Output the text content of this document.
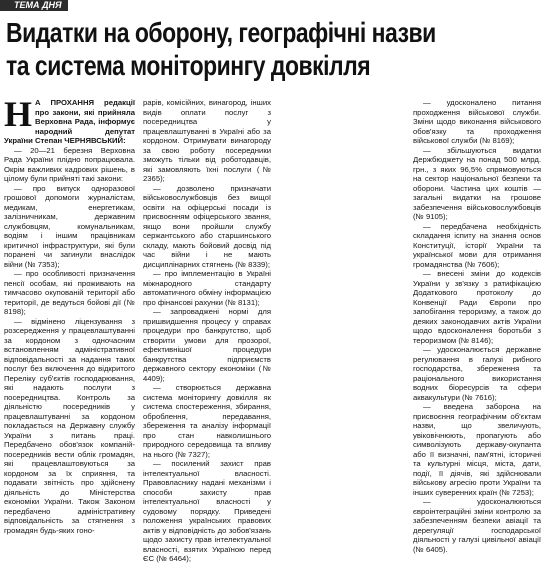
ТЕМА ДНЯ
Видатки на оборону, географічні назви
та система моніторингу довкілля

Н А ПРОХАННЯ редакції про закони, які прийняла Верховна Рада, інформує народний депутат України Степан ЧЕРНЯВСЬКИЙ:

— 20—21 березня Верховна Рада України плідно попрацювала. Окрім важливих кадрових рішень, в цілому були прийняті такі закони:

— про випуск одноразової грошової допомоги журналістам, медикам, енергетикам, залізничникам, державним службовцям, комунальникам, водіям і іншим працівникам критичної інфраструктури, які були поранені чи загинули внаслідок війни (№ 7353);

— про особливості призначення пенсії особам, які проживають на тимчасово окупованій території або території, де ведуться бойові дії (№ 8198);

— відмінено ліцензування з розсередження у працевлаштуванні за кордоном з одночасним встановленням адміністративної відповідальності за надання таких послуг без включення до відкритого Переліку суб'єктів господарювання, які надають послуги з посередництва. Контроль за діяльністю посередників у працевлаштуванні за кордоном покладається на Державну службу України з питань праці. Передбачено обов'язок компаній-посередників вести облік громадян, які працевлаштовуються за кордоном за їх сприяння, та подавати звітність про здійснену діяльність до Міністерства економіки України. Також Законом передбачено адміністративну відповідальність за стягнення з громадян будь-яких гоно-

рарів, комісійних, винагород, інших видів оплати послуг з посередництва у працевлаштуванні в Україні або за кордоном. Отримувати винагороду за свою роботу посередники зможуть тільки від роботодавців, які замовляють їхні послуги (№ 2365);

— дозволено призначати військовослужбовців без вищої освіти на офіцерські посади із присвоєнням офіцерського звання, якщо вони пройшли службу сержантського або старшинського складу, мають бойовий досвід під час війни і не мають дисциплінарних стягнень (№ 8339);

— про імплементацію в Україні міжнародного стандарту автоматичного обміну інформацією про фінансові рахунки (№ 8131);

— запроваджені нормі для пришвидшення процесу у справах процедури про банкрутство, щоб створити умови для прозорої, ефективнішої процедури банкрутства підприємств державного сектору економіки (№ 4409);

— створюється державна система моніторингу довкілля як система спостереження, збирання, оброблення, передавання, збереження та аналізу інформації про стан навколишнього природного середовища та впливу на нього (№ 7327);

— посилений захист прав інтелектуальної власності. Правовласнику надані механізми і способи захисту прав інтелектуальної власності у судовому порядку. Приведені положення українських правових актів у відповідність до зобов'язань щодо захисту прав інтелектуальної власності, взятих Україною перед ЄС (№ 6464);

— удосконалено питання проходження військової служби. Зміни щодо виконання військового обов'язку та проходження військової служби (№ 8169);

— збільшуються видатки Держбюджету на понад 500 млрд. грн., з яких 96,5% спрямовуються на сектор національної безпеки та оборони. Частина цих коштів — загальні видатки на грошове забезпечення військовослужбовців (№ 9105);

— передбачена необхідність складання іспиту на знання основ Конституції, історії України та української мови для отримання громадянства (№ 7606);

— внесені зміни до кодексів України у зв'язку з ратифікацією Додаткового протоколу до Конвенції Ради Європи про запобігання тероризму, а також до деяких законодавчих актів України щодо вдосконалення боротьби з тероризмом (№ 8146);

— удосконалюється державне регулювання в галузі рибного господарства, збереження та раціонального використання водних біоресурсів та сфери аквакультури (№ 7616);

— введена заборона на присвоєння географічним об'єктам назви, що звеличують, увіковічнюють, пропагують або символізують державу-окупанта або її визначні, пам'ятні, історичні та культурні місця, міста, дати, події, її діячів, які здійснювали військову агресію проти України та інших суверенних країн (№ 7253);

— удосконалюються євроінтеграційні зміни контролю за забезпеченням безпеки авіації та дерегуляції господарської діяльності у галузі цивільної авіації (№ 6405).
